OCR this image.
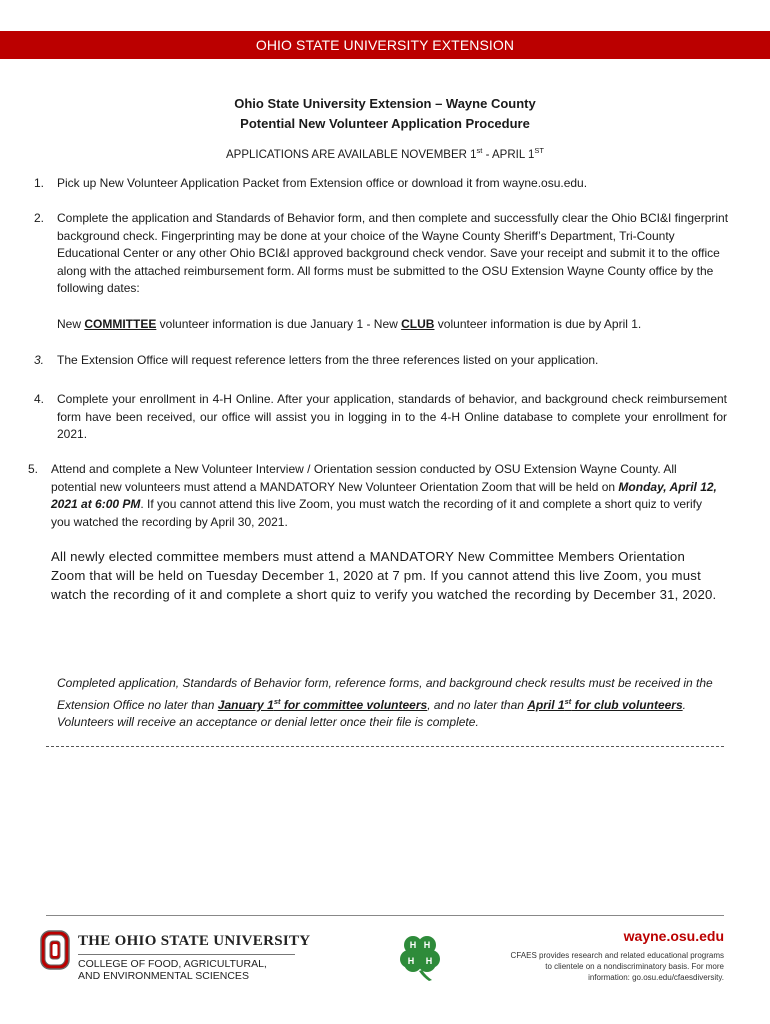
OHIO STATE UNIVERSITY EXTENSION
Ohio State University Extension – Wayne County
Potential New Volunteer Application Procedure
APPLICATIONS ARE AVAILABLE NOVEMBER 1st - APRIL 1ST
1. Pick up New Volunteer Application Packet from Extension office or download it from wayne.osu.edu.
2. Complete the application and Standards of Behavior form, and then complete and successfully clear the Ohio BCI&I fingerprint background check. Fingerprinting may be done at your choice of the Wayne County Sheriff’s Department, Tri-County Educational Center or any other Ohio BCI&I approved background check vendor. Save your receipt and submit it to the office along with the attached reimbursement form. All forms must be submitted to the OSU Extension Wayne County office by the following dates:
New COMMITTEE volunteer information is due January 1 - New CLUB volunteer information is due by April 1.
3. The Extension Office will request reference letters from the three references listed on your application.
4. Complete your enrollment in 4-H Online. After your application, standards of behavior, and background check reimbursement form have been received, our office will assist you in logging in to the 4-H Online database to complete your enrollment for 2021.
5. Attend and complete a New Volunteer Interview / Orientation session conducted by OSU Extension Wayne County. All potential new volunteers must attend a MANDATORY New Volunteer Orientation Zoom that will be held on Monday, April 12, 2021 at 6:00 PM. If you cannot attend this live Zoom, you must watch the recording of it and complete a short quiz to verify you watched the recording by April 30, 2021.
All newly elected committee members must attend a MANDATORY New Committee Members Orientation Zoom that will be held on Tuesday December 1, 2020 at 7 pm. If you cannot attend this live Zoom, you must watch the recording of it and complete a short quiz to verify you watched the recording by December 31, 2020.
Completed application, Standards of Behavior form, reference forms, and background check results must be received in the Extension Office no later than January 1st for committee volunteers, and no later than April 1st for club volunteers. Volunteers will receive an acceptance or denial letter once their file is complete.
THE OHIO STATE UNIVERSITY
COLLEGE OF FOOD, AGRICULTURAL,
AND ENVIRONMENTAL SCIENCES
H H
H H
wayne.osu.edu
CFAES provides research and related educational programs to clientele on a nondiscriminatory basis. For more information: go.osu.edu/cfaesdiversity.
